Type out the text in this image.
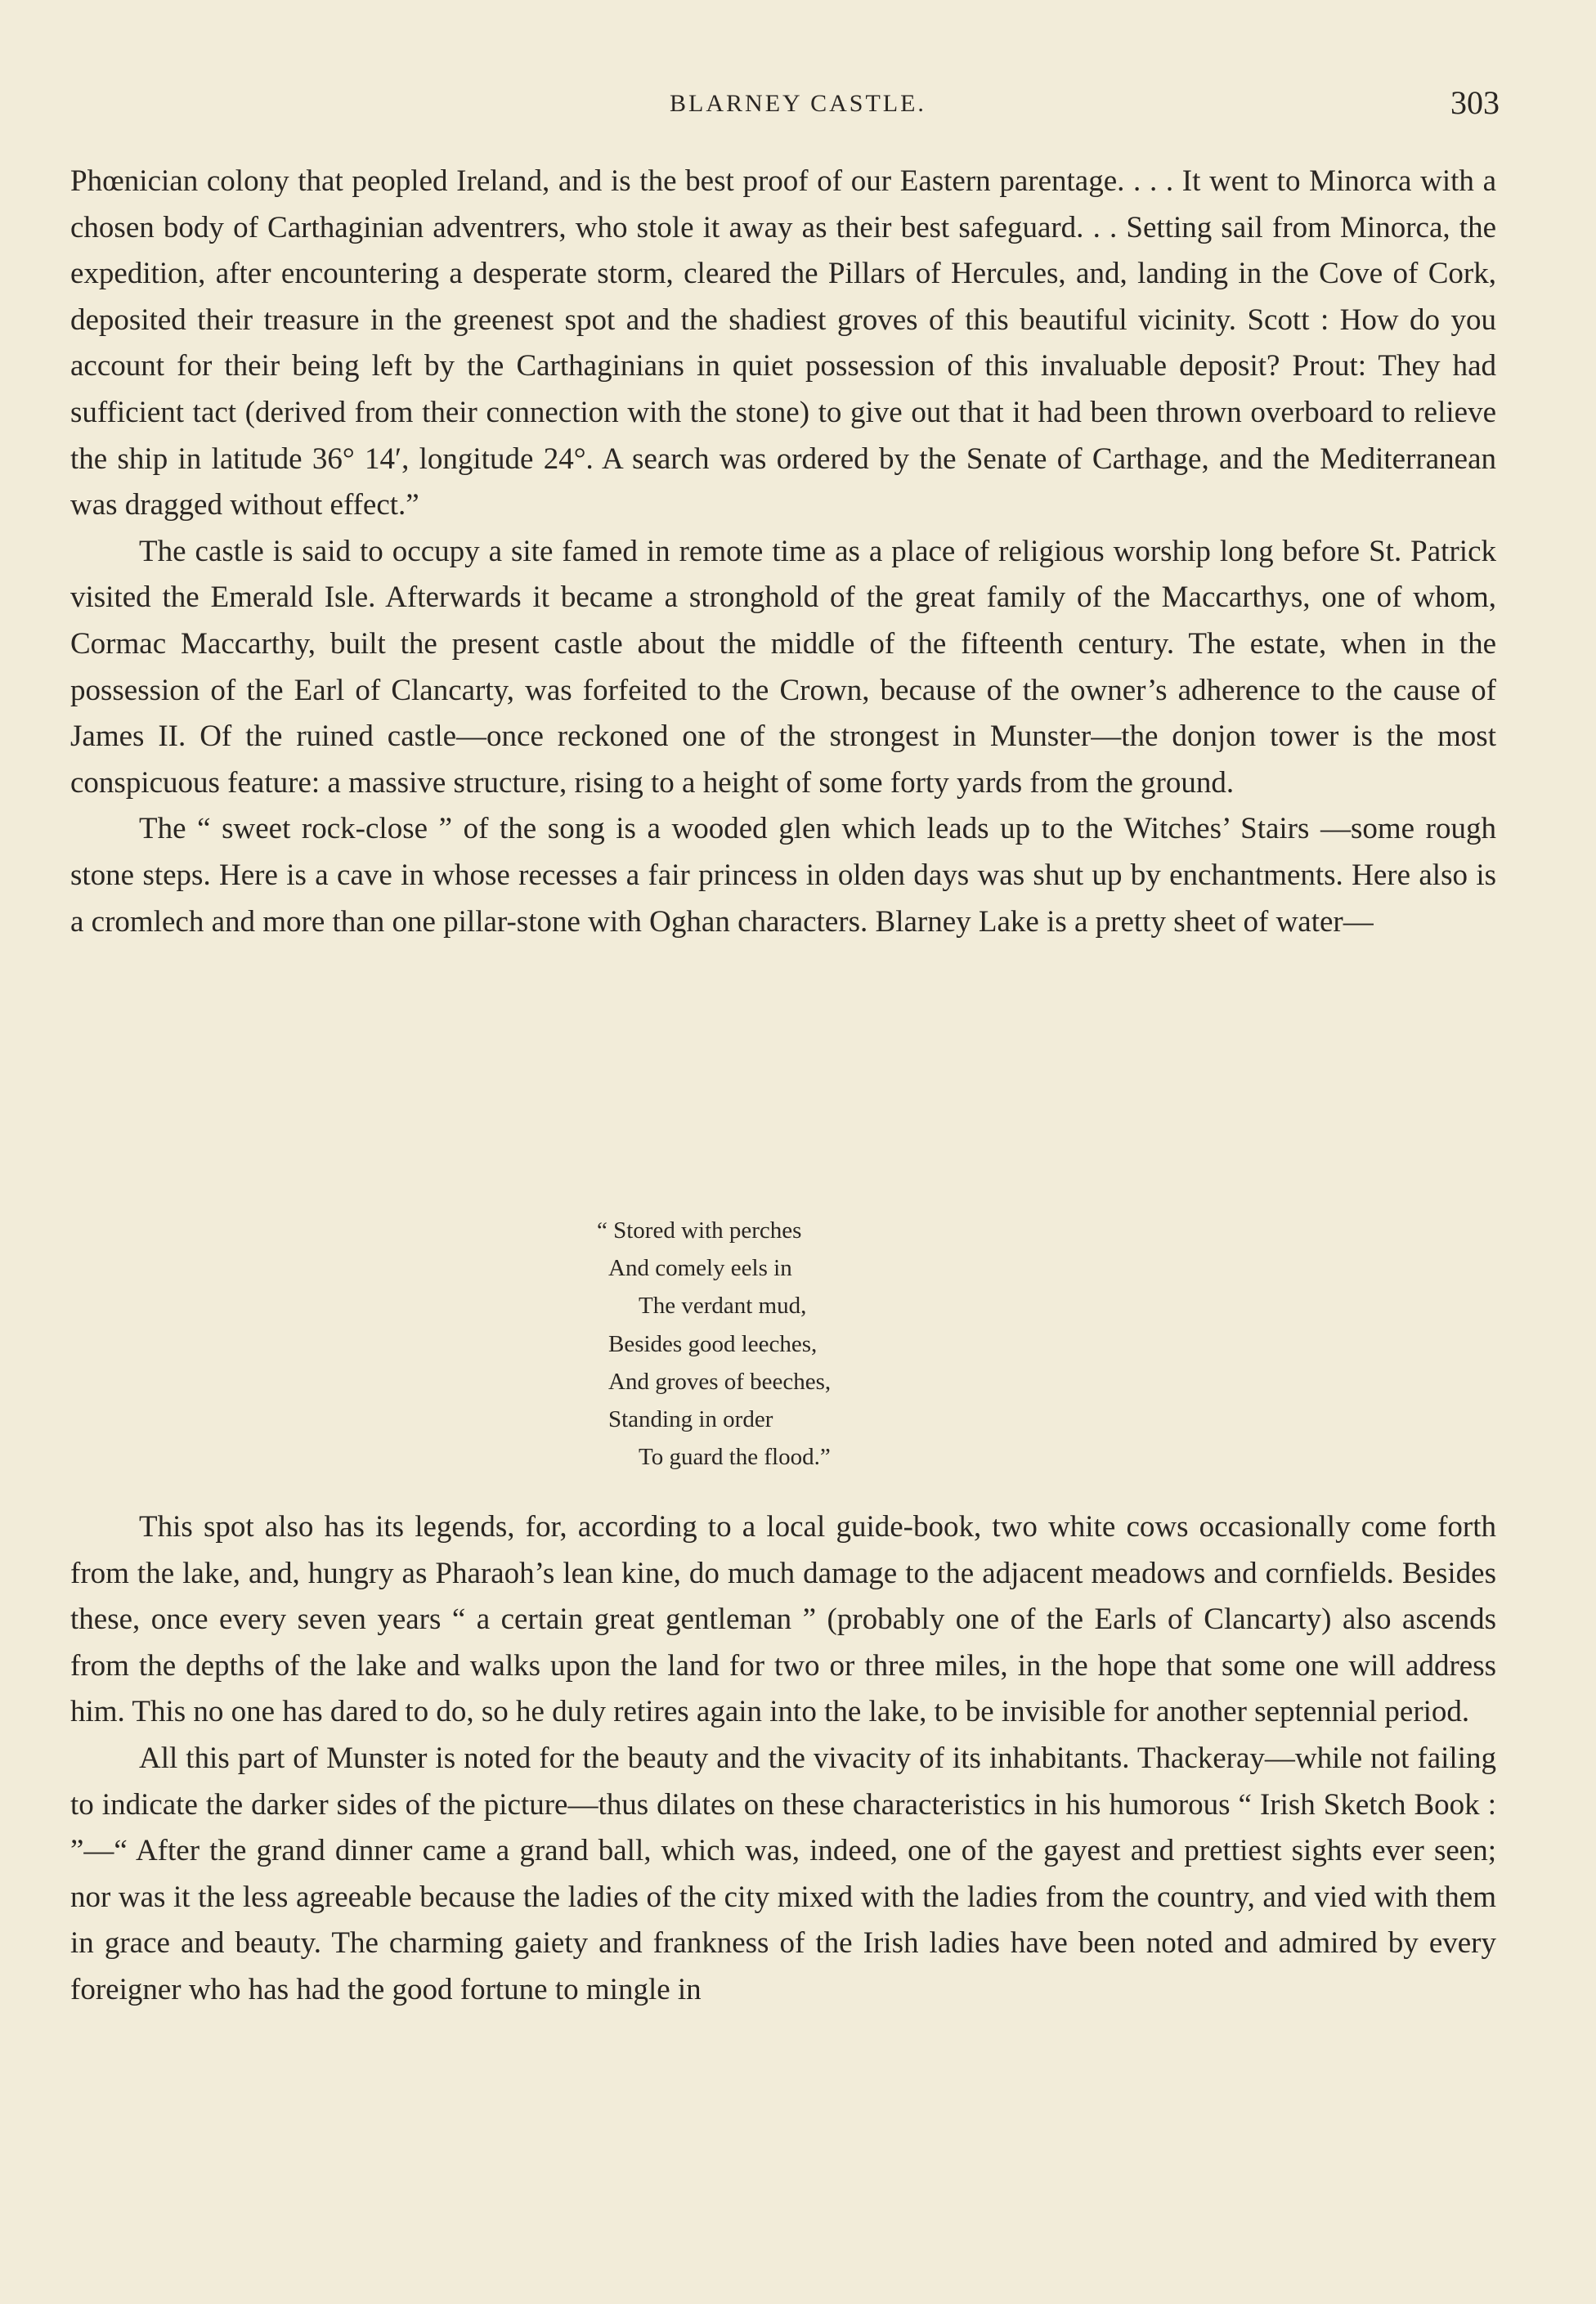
BLARNEY CASTLE.	303

Phœnician colony that peopled Ireland, and is the best proof of our Eastern parentage. . . . It went to Minorca with a chosen body of Carthaginian adventrers, who stole it away as their best safeguard. . . Setting sail from Minorca, the expedition, after encountering a desperate storm, cleared the Pillars of Hercules, and, landing in the Cove of Cork, deposited their treasure in the greenest spot and the shadiest groves of this beautiful vicinity. Scott : How do you account for their being left by the Carthaginians in quiet possession of this invaluable deposit? Prout: They had sufficient tact (derived from their connection with the stone) to give out that it had been thrown overboard to relieve the ship in latitude 36° 14′, longitude 24°. A search was ordered by the Senate of Carthage, and the Mediterranean was dragged without effect.”

The castle is said to occupy a site famed in remote time as a place of religious worship long before St. Patrick visited the Emerald Isle. Afterwards it became a stronghold of the great family of the Maccarthys, one of whom, Cormac Maccarthy, built the present castle about the middle of the fifteenth century. The estate, when in the possession of the Earl of Clancarty, was forfeited to the Crown, because of the owner’s adherence to the cause of James II. Of the ruined castle—once reckoned one of the strongest in Munster—the donjon tower is the most conspicuous feature: a massive structure, rising to a height of some forty yards from the ground.

The “ sweet rock-close ” of the song is a wooded glen which leads up to the Witches’ Stairs —some rough stone steps. Here is a cave in whose recesses a fair princess in olden days was shut up by enchantments. Here also is a cromlech and more than one pillar-stone with Oghan characters. Blarney Lake is a pretty sheet of water—

“ Stored with perches
And comely eels in
The verdant mud,
Besides good leeches,
And groves of beeches,
Standing in order
To guard the flood.”

This spot also has its legends, for, according to a local guide-book, two white cows occasionally come forth from the lake, and, hungry as Pharaoh’s lean kine, do much damage to the adjacent meadows and cornfields. Besides these, once every seven years “ a certain great gentleman ” (probably one of the Earls of Clancarty) also ascends from the depths of the lake and walks upon the land for two or three miles, in the hope that some one will address him. This no one has dared to do, so he duly retires again into the lake, to be invisible for another septennial period.

All this part of Munster is noted for the beauty and the vivacity of its inhabitants. Thackeray—while not failing to indicate the darker sides of the picture—thus dilates on these characteristics in his humorous “ Irish Sketch Book : ”—“ After the grand dinner came a grand ball, which was, indeed, one of the gayest and prettiest sights ever seen; nor was it the less agreeable because the ladies of the city mixed with the ladies from the country, and vied with them in grace and beauty. The charming gaiety and frankness of the Irish ladies have been noted and admired by every foreigner who has had the good fortune to mingle in
